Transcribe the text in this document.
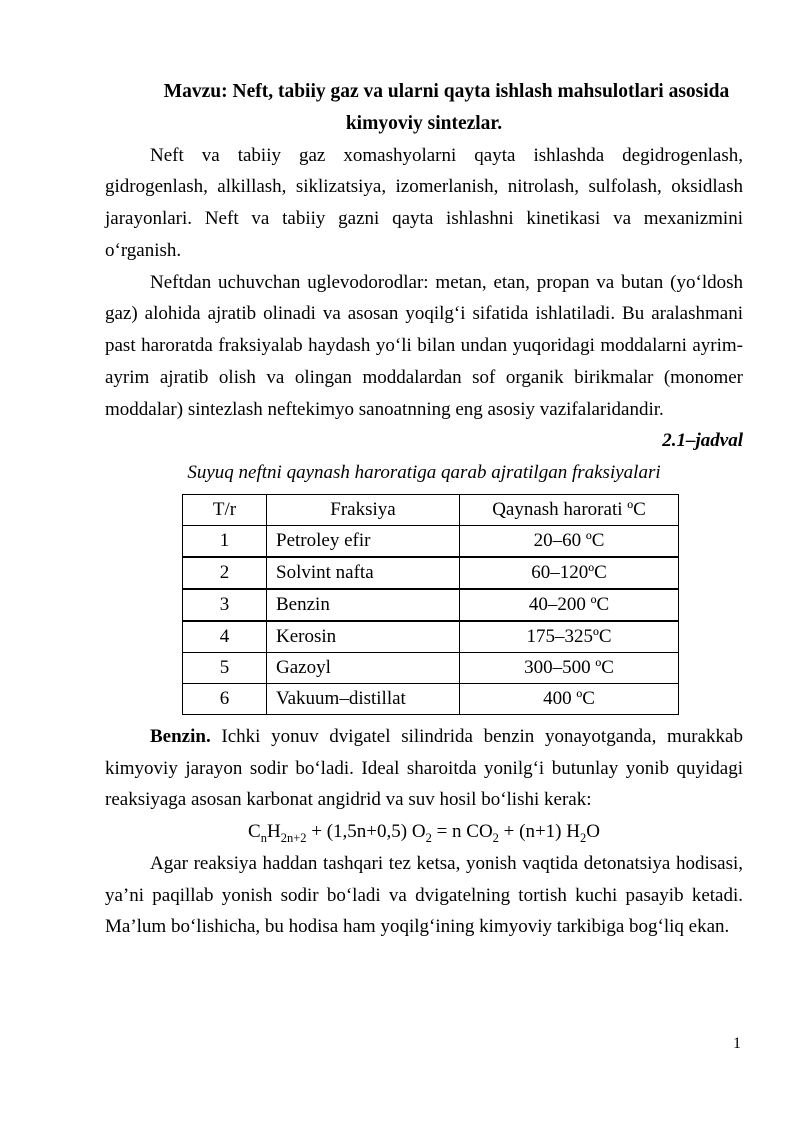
Mavzu: Neft, tabiiy gaz va ularni qayta ishlash mahsulotlari asosida
kimyoviy sintezlar.

Neft va tabiiy gaz xomashyolarni qayta ishlashda degidrogenlash, gidrogenlash, alkillash, siklizatsiya, izomerlanish, nitrolash, sulfolash, oksidlash jarayonlari. Neft va tabiiy gazni qayta ishlashni kinetikasi va mexanizmini o‘rganish.

Neftdan uchuvchan uglevodorodlar: metan, etan, propan va butan (yo‘ldosh gaz) alohida ajratib olinadi va asosan yoqilg‘i sifatida ishlatiladi. Bu aralashmani past haroratda fraksiyalab haydash yo‘li bilan undan yuqoridagi moddalarni ayrim-ayrim ajratib olish va olingan moddalardan sof organik birikmalar (monomer moddalar) sintezlash neftekimyo sanoatnning eng asosiy vazifalaridandir.

2.1–jadval
Suyuq neftni qaynash haroratiga qarab ajratilgan fraksiyalari
T/r	Fraksiya	Qaynash harorati ºC
1	Petroley efir	20–60 ºC
2	Solvint nafta	60–120ºC
3	Benzin	40–200 ºC
4	Kerosin	175–325ºC
5	Gazoyl	300–500 ºC
6	Vakuum–distillat	400 ºC

Benzin. Ichki yonuv dvigatel silindrida benzin yonayotganda, murakkab kimyoviy jarayon sodir bo‘ladi. Ideal sharoitda yonilg‘i butunlay yonib quyidagi reaksiyaga asosan karbonat angidrid va suv hosil bo‘lishi kerak:

$C_nH_{2n+2} + (1,5n+0,5) O_2 = n$ $CO_2 + (n+1)$ $H_2O$

Agar reaksiya haddan tashqari tez ketsa, yonish vaqtida detonatsiya hodisasi, ya’ni paqillab yonish sodir bo‘ladi va dvigatelning tortish kuchi pasayib ketadi. Ma’lum bo‘lishicha, bu hodisa ham yoqilg‘ining kimyoviy tarkibiga bog‘liq ekan.

1
